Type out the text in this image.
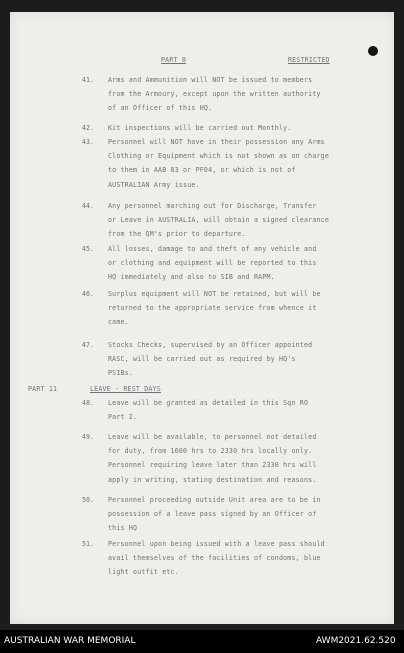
PART 8	RESTRICTED
PART 11	LEAVE - REST DAYS
41. Arms and Ammunition will NOT be issued to members
from the Armoury, except upon the written authority
of an Officer of this HQ.
42. Kit inspections will be carried out Monthly.
43. Personnel will NOT have in their possession any Arms
Clothing or Equipment which is not shown as on charge
to them in AAB 83 or PF04, or which is not of
AUSTRALIAN Army issue.
44. Any personnel marching out for Discharge, Transfer
or Leave in AUSTRALIA, will obtain a signed clearance
from the QM's prior to departure.
45. All losses, damage to and theft of any vehicle and
or clothing and equipment will be reported to this
HQ immediately and also to SIB and RAPM.
46. Surplus equipment will NOT be retained, but will be
returned to the appropriate service from whence it
came.
47. Stocks Checks, supervised by an Officer appointed
RASC, will be carried out as required by HQ's
PSIBs.
48. Leave will be granted as detailed in this Sqn RO
Part I.
49. Leave will be available, to personnel not detailed
for duty, from 1600 hrs to 2330 hrs locally only.
Personnel requiring leave later than 2330 hrs will
apply in writing, stating destination and reasons.
50. Personnel proceeding outside Unit area are to be in
possession of a leave pass signed by an Officer of
this HQ
51. Personnel upon being issued with a leave pass should
avail themselves of the facilities of condoms, blue
light outfit etc.
AUSTRALIAN WAR MEMORIAL	AWM2021.62.520
